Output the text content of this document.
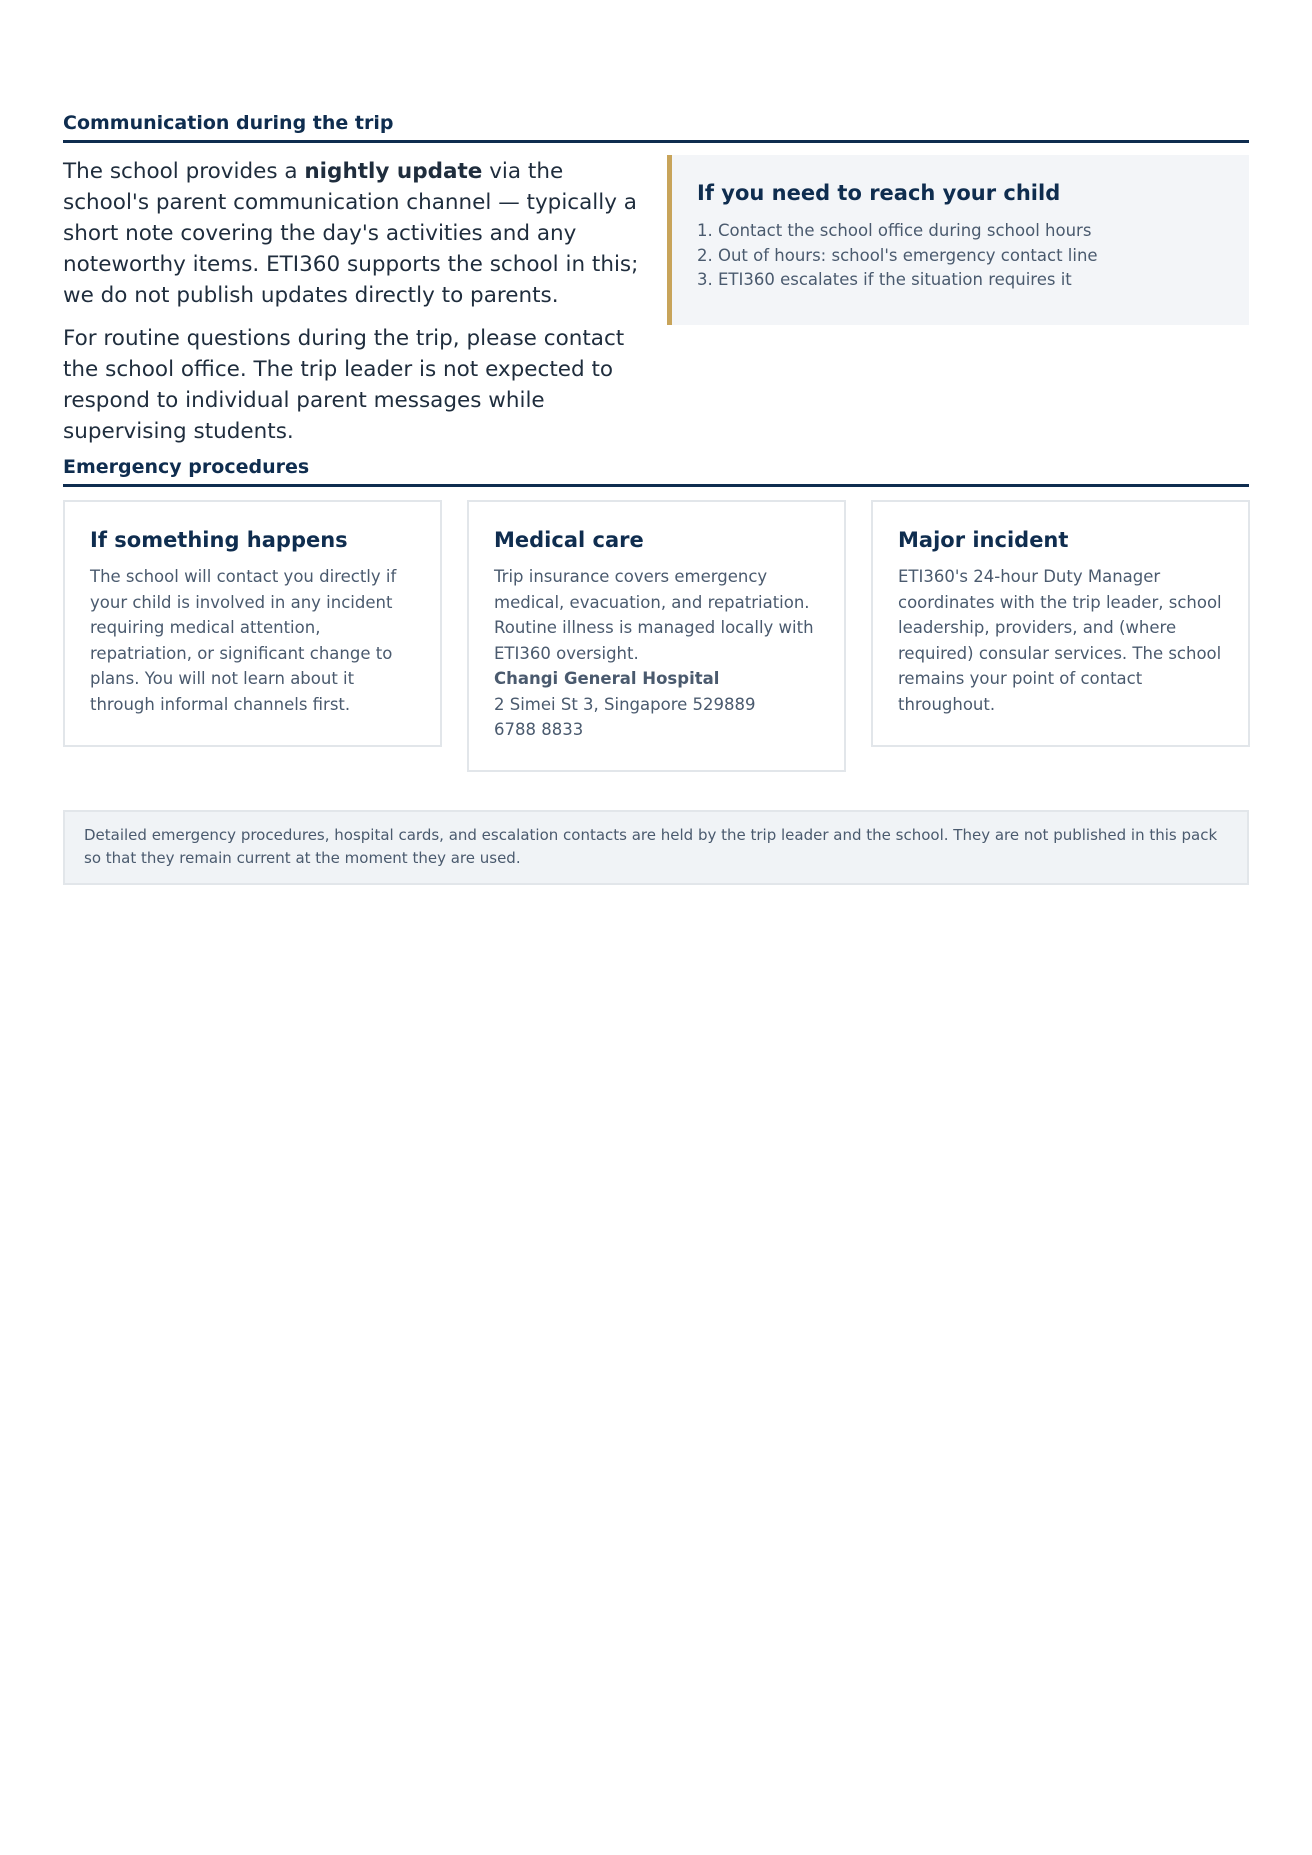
Communication during the trip

The school provides a nightly update via the school's parent communication channel — typically a short note covering the day's activities and any noteworthy items. ETI360 supports the school in this; we do not publish updates directly to parents.

For routine questions during the trip, please contact the school office. The trip leader is not expected to respond to individual parent messages while supervising students.

If you need to reach your child
1. Contact the school office during school hours
2. Out of hours: school's emergency contact line
3. ETI360 escalates if the situation requires it
Emergency procedures
If something happens
The school will contact you directly if your child is involved in any incident requiring medical attention, repatriation, or significant change to plans. You will not learn about it through informal channels first.
Medical care
Trip insurance covers emergency medical, evacuation, and repatriation. Routine illness is managed locally with ETI360 oversight.
Changi General Hospital
2 Simei St 3, Singapore 529889
6788 8833
Major incident
ETI360's 24-hour Duty Manager coordinates with the trip leader, school leadership, providers, and (where required) consular services. The school remains your point of contact throughout.
Detailed emergency procedures, hospital cards, and escalation contacts are held by the trip leader and the school. They are not published in this pack so that they remain current at the moment they are used.
